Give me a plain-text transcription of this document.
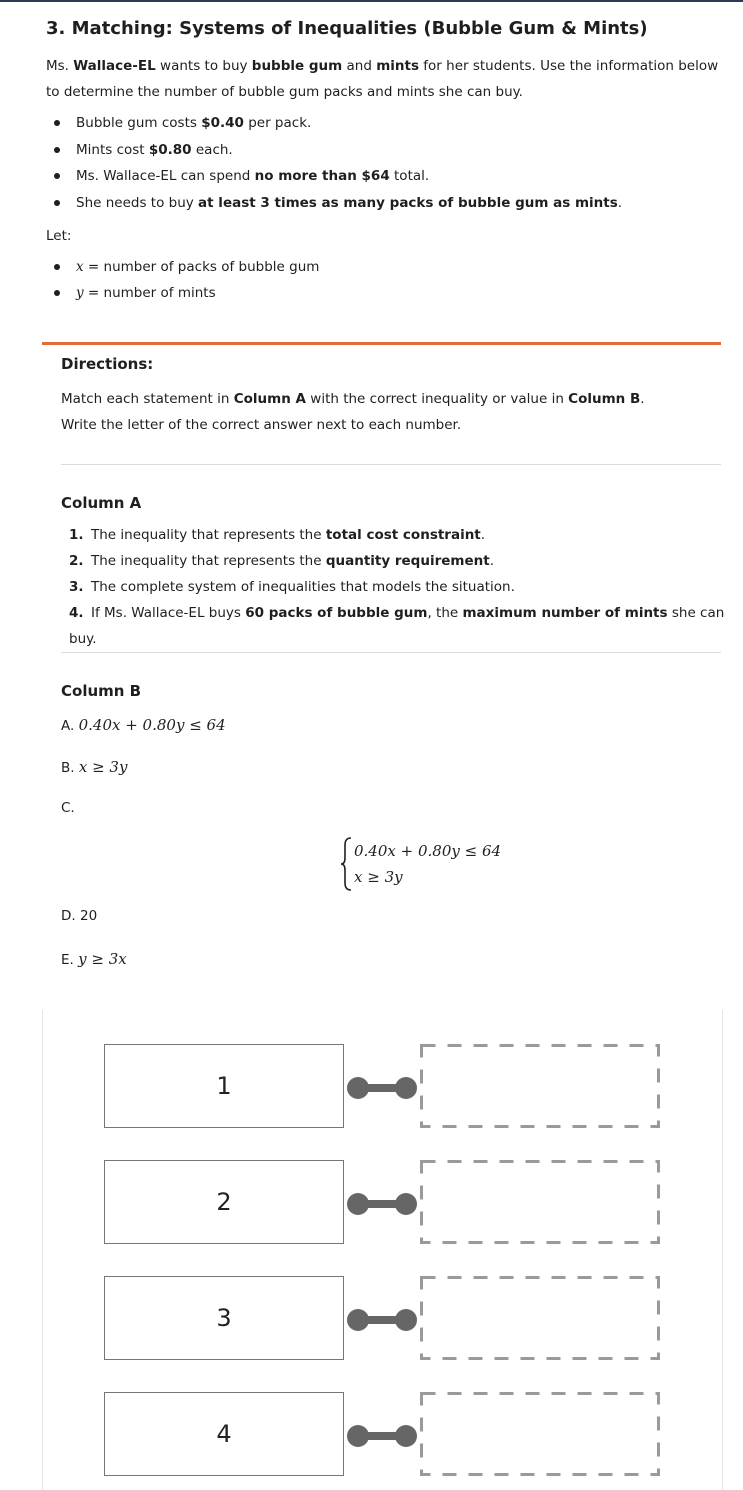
3. Matching: Systems of Inequalities (Bubble Gum & Mints)
Ms. Wallace-EL wants to buy bubble gum and mints for her students. Use the information below to determine the number of bubble gum packs and mints she can buy.
Bubble gum costs $0.40 per pack.
Mints cost $0.80 each.
Ms. Wallace-EL can spend no more than $64 total.
She needs to buy at least 3 times as many packs of bubble gum as mints.
Let:
x = number of packs of bubble gum
y = number of mints
Directions:
Match each statement in Column A with the correct inequality or value in Column B.
Write the letter of the correct answer next to each number.
Column A
1. The inequality that represents the total cost constraint.
2. The inequality that represents the quantity requirement.
3. The complete system of inequalities that models the situation.
4. If Ms. Wallace-EL buys 60 packs of bubble gum, the maximum number of mints she can buy.
Column B
A. 0.40x + 0.80y ≤ 64
B. x ≥ 3y
C.
0.40x + 0.80y ≤ 64
x ≥ 3y
D. 20
E. y ≥ 3x
1
2
3
4
